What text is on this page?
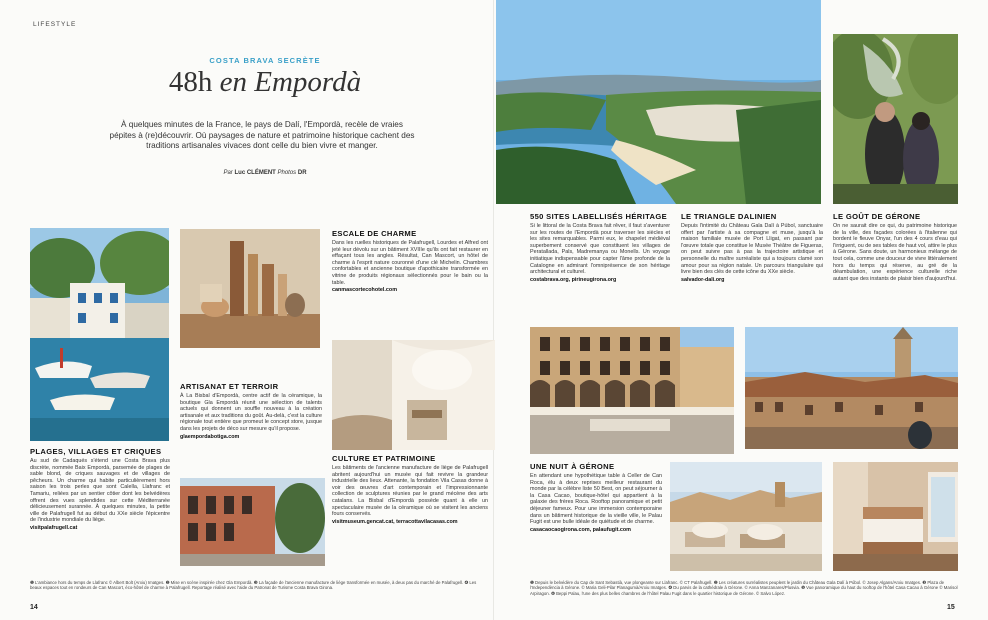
LIFESTYLE
COSTA BRAVA SECRÈTE
48h en Empordà
À quelques minutes de la France, le pays de Dalí, l'Empordà, recèle de vraies pépites à (re)découvrir. Où paysages de nature et patrimoine historique cachent des traditions artisanales vivaces dont celle du bien vivre et manger.
Par Luc CLÉMENT Photos DR
ESCALE DE CHARME
Dans les ruelles historiques de Palafrugell, Lourdes et Alfred ont jeté leur dévolu sur un bâtiment XVIIIe qu'ils ont fait restaurer en effaçant tous les angles. Résultat, Can Mascort, un hôtel de charme à l'esprit nature couronné d'une clé Michelin. Chambres confortables et ancienne boutique d'apothicaire transformée en vitrine de produits régionaux sélectionnés pour le bain ou la table.
canmascortecohotel.com
ARTISANAT ET TERROIR
À La Bisbal d'Empordà, centre actif de la céramique, la boutique Gla Empordà réunit une sélection de talents actuels qui donnent un souffle nouveau à la création artisanale et aux traditions du goût. Au-delà, c'est la culture régionale tout entière que promeut le concept store, jusque dans les projets de déco sur mesure qu'il propose.
glaempordabotiga.com
PLAGES, VILLAGES ET CRIQUES
Au sud de Cadaqués s'étend une Costa Brava plus discrète, nommée Baix Empordà, parsemée de plages de sable blond, de criques sauvages et de villages de pêcheurs. Un charme qui habite particulièrement hors saison les trois perles que sont Calella, Llafranc et Tamariu, reliées par un sentier côtier dont les belvédères offrent des vues splendides sur cette Méditerranée délicieusement surannée. À quelques minutes, la petite ville de Palafrugell fut au début du XXe siècle l'épicentre de l'industrie mondiale du liège.
visitpalafrugell.cat
CULTURE ET PATRIMOINE
Les bâtiments de l'ancienne manufacture de liège de Palafrugell abritent aujourd'hui un musée qui fait revivre la grandeur industrielle des lieux. Attenante, la fondation Vila Casas donne à voir des œuvres d'art contemporain et l'impressionnante collection de sculptures réunies par le grand mécène des arts catalans. La Bisbal d'Empordà possède quant à elle un spectaculaire musée de la céramique où se visitent les anciens fours conservés.
visitmuseum.gencat.cat, terracottavilacasas.com
❶ L'ambiance hors du temps de Llafranc © Albert Bolt (Arxiu) Imatges. ❷ Mise en scène inspirée chez Gla Empordà. ❸ La façade de l'ancienne manufacture de liège transformée en musée, à deux pas du marché de Palafrugell. ❹ Les beaux espaces tout en rondeurs de Can Mascort, éco-hôtel de charme à Palafrugell. Reportage réalisé avec l'aide du Patronat de Turisme Costa Brava Girona.
14
550 SITES LABELLISÉS HÉRITAGE
Si le littoral de la Costa Brava fait rêver, il faut s'aventurer sur les routes de l'Empordà pour traverser les siècles et les sites remarquables. Parmi eux, le chapelet médiéval superbement conservé que constituent les villages de Peratallada, Pals, Madremanya ou Monells. Un voyage initiatique indispensable pour capter l'âme profonde de la Catalogne en admirant l'omniprésence de son héritage architectural et culturel.
costabrava.org, pirineugirona.org
LE TRIANGLE DALINIEN
Depuis l'intimité du Château Gala Dalí à Púbol, sanctuaire offert par l'artiste à sa compagne et muse, jusqu'à la maison familiale musée de Port Lligat, en passant par l'œuvre totale que constitue le Musée Théâtre de Figueras, on peut suivre pas à pas la trajectoire artistique et personnelle du maître surréaliste qui a toujours clamé son amour pour sa région natale. Un parcours triangulaire qui livre bien des clés de cette icône du XXe siècle.
salvador-dali.org
LE GOÛT DE GÉRONE
On ne saurait dire ce qui, du patrimoine historique de la ville, des façades colorées à l'italienne qui bordent le fleuve Onyar, l'un des 4 cours d'eau qui l'irriguent, ou de ses tables de haut vol, attire le plus à Gérone. Sans doute, un harmonieux mélange de tout cela, comme une douceur de vivre littéralement hors du temps qui réserve, au gré de la déambulation, une expérience culturelle riche autant que des instants de plaisir bien d'aujourd'hui.
UNE NUIT À GÉRONE
En attendant une hypothétique table à Celler de Can Roca, élu à deux reprises meilleur restaurant du monde par la célèbre liste 50 Best, on peut séjourner à la Casa Cacao, boutique-hôtel qui appartient à la galaxie des frères Roca. Rooftop panoramique et petit déjeuner fameux. Pour une immersion contemporaine dans un bâtiment historique de la vieille ville, le Palau Fugit est une bulle idéale de quiétude et de charme.
casacaocaogirona.com, palaufugit.com
❶ Depuis le belvédère du Cap de Sant Sebastià, vue plongeante sur Llafranc. © CT Palafrugell. ❷ Les créatures surréalistes peuplent le jardin du Château Gala Dalí à Púbol. © Josep Algans/Arxiu Imatges. ❸ Plaza de l'Independència à Gérone. © Maria Geli-Pilar Planagumà/Arxiu Imatges. ❹ Du parvis de la cathédrale à Gérone. © Anna Manzanares/Plusvia. ❺ Vue panoramique du haut du rooftop de l'hôtel Casa Cacao à Gérone © Marisol Arpiragon. ❻ Beppi Palau, l'une des plus belles chambres de l'hôtel Palau Fugit dans le quartier historique de Gérone. © Salvo López.
15
